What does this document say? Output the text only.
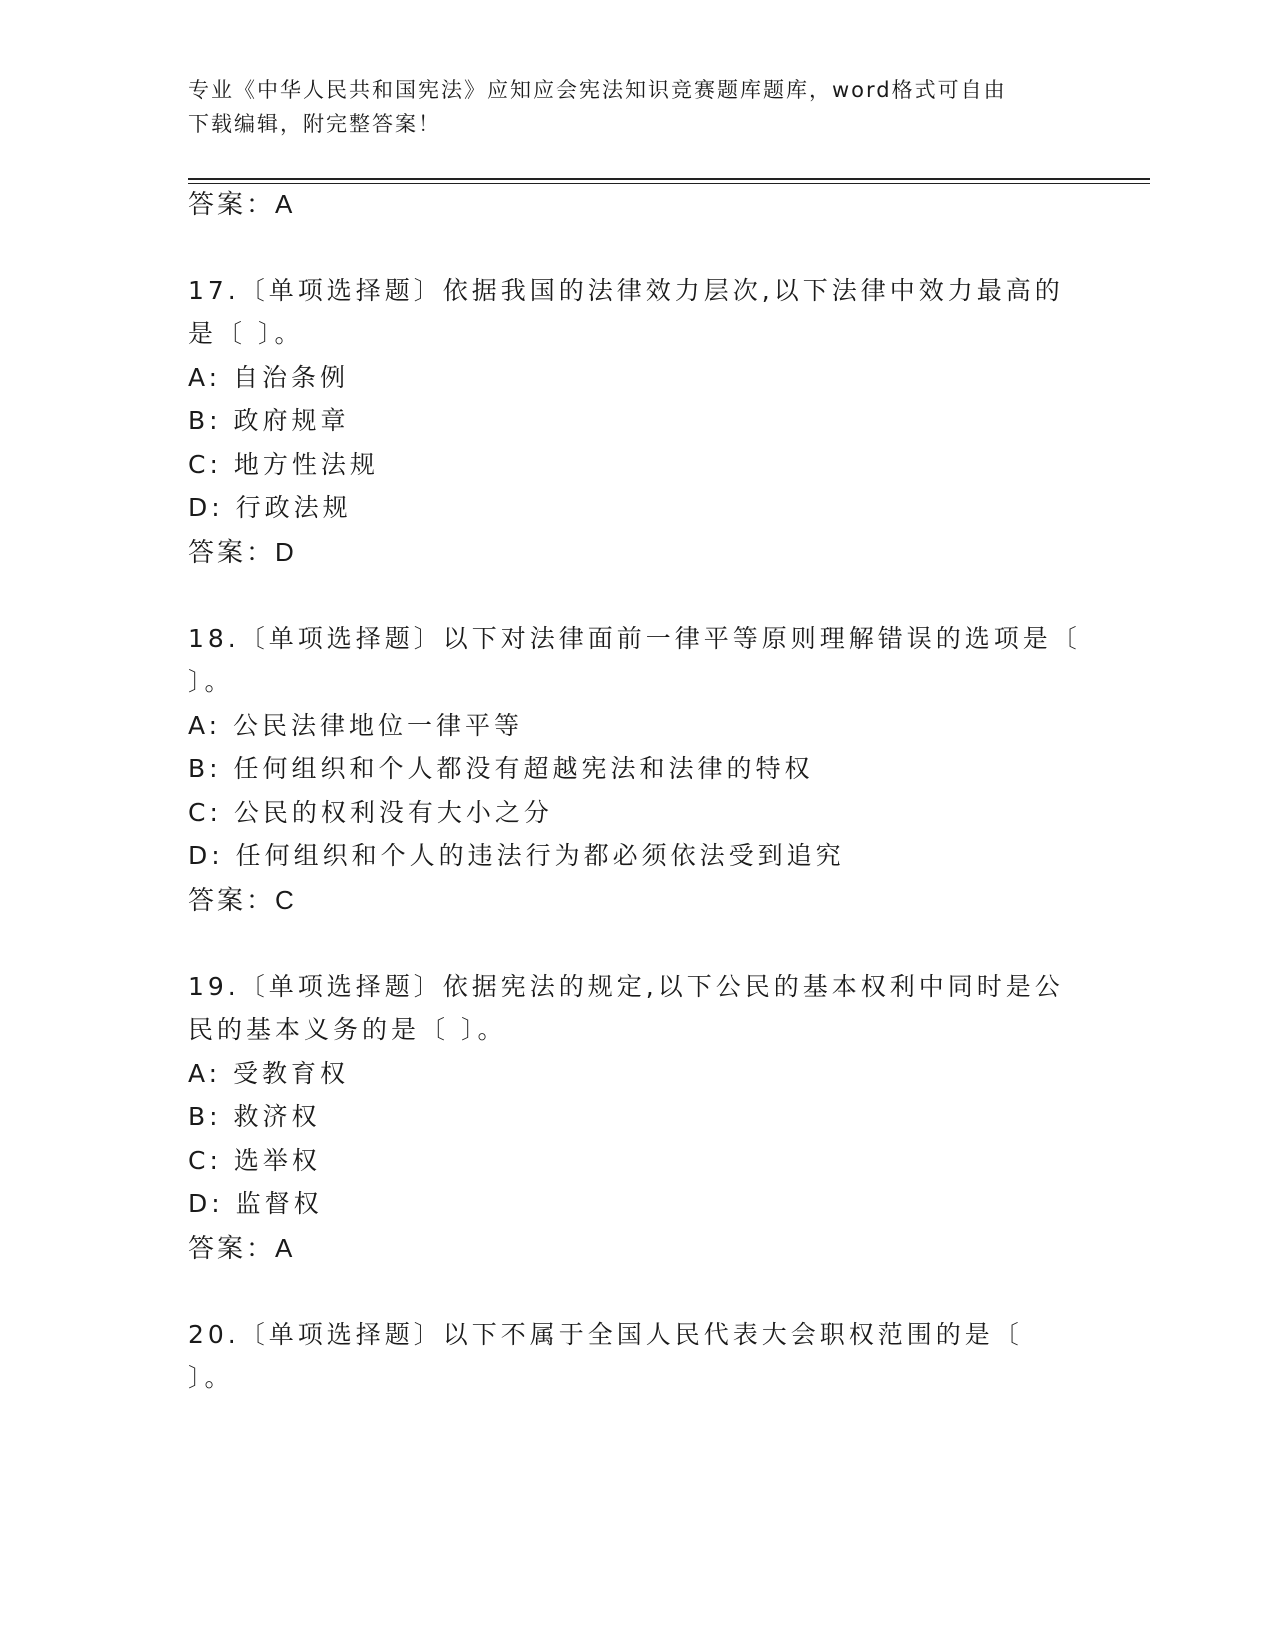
专业《中华人民共和国宪法》应知应会宪法知识竞赛题库题库，word格式可自由
下载编辑，附完整答案！
答案：A
17.〔单项选择题〕依据我国的法律效力层次,以下法律中效力最高的
是〔 〕。
A: 自治条例
B: 政府规章
C: 地方性法规
D: 行政法规
答案：D
18.〔单项选择题〕以下对法律面前一律平等原则理解错误的选项是〔
〕。
A: 公民法律地位一律平等
B: 任何组织和个人都没有超越宪法和法律的特权
C: 公民的权利没有大小之分
D: 任何组织和个人的违法行为都必须依法受到追究
答案：C
19.〔单项选择题〕依据宪法的规定,以下公民的基本权利中同时是公
民的基本义务的是〔 〕。
A: 受教育权
B: 救济权
C: 选举权
D: 监督权
答案：A
20.〔单项选择题〕以下不属于全国人民代表大会职权范围的是〔
〕。
